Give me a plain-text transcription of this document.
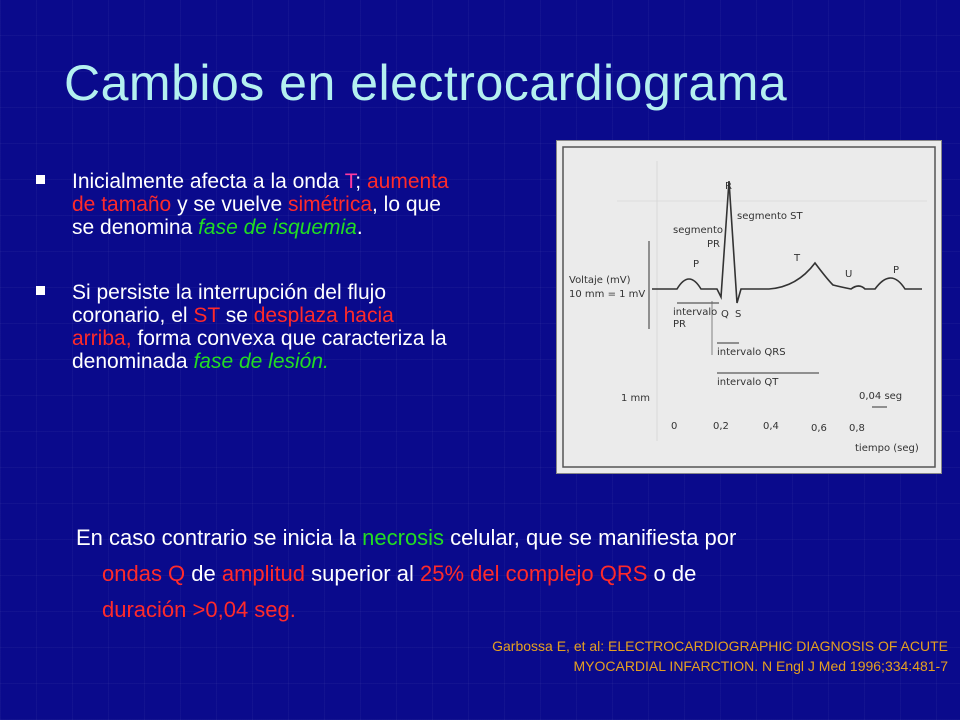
Cambios en electrocardiograma
Inicialmente afecta a la onda T; aumenta de tamaño y se vuelve simétrica, lo que se denomina fase de isquemia.
Si persiste la interrupción del flujo coronario, el ST se desplaza hacia arriba, forma convexa que caracteriza la denominada fase de lesión.
R
segmento ST
segmento
PR
P
T
U	P
Voltaje (mV)
10 mm = 1 mV
intervalo
PR
Q S
intervalo QRS
intervalo QT
1 mm	0,04 seg
tiempo (seg)
0	0,2	0,4	0,6 0,8
En caso contrario se inicia la necrosis celular, que se manifiesta por
ondas Q de amplitud superior al 25% del complejo QRS o de
duración >0,04 seg.
Garbossa E, et al: ELECTROCARDIOGRAPHIC DIAGNOSIS OF ACUTE
MYOCARDIAL INFARCTION. N Engl J Med 1996;334:481-7
